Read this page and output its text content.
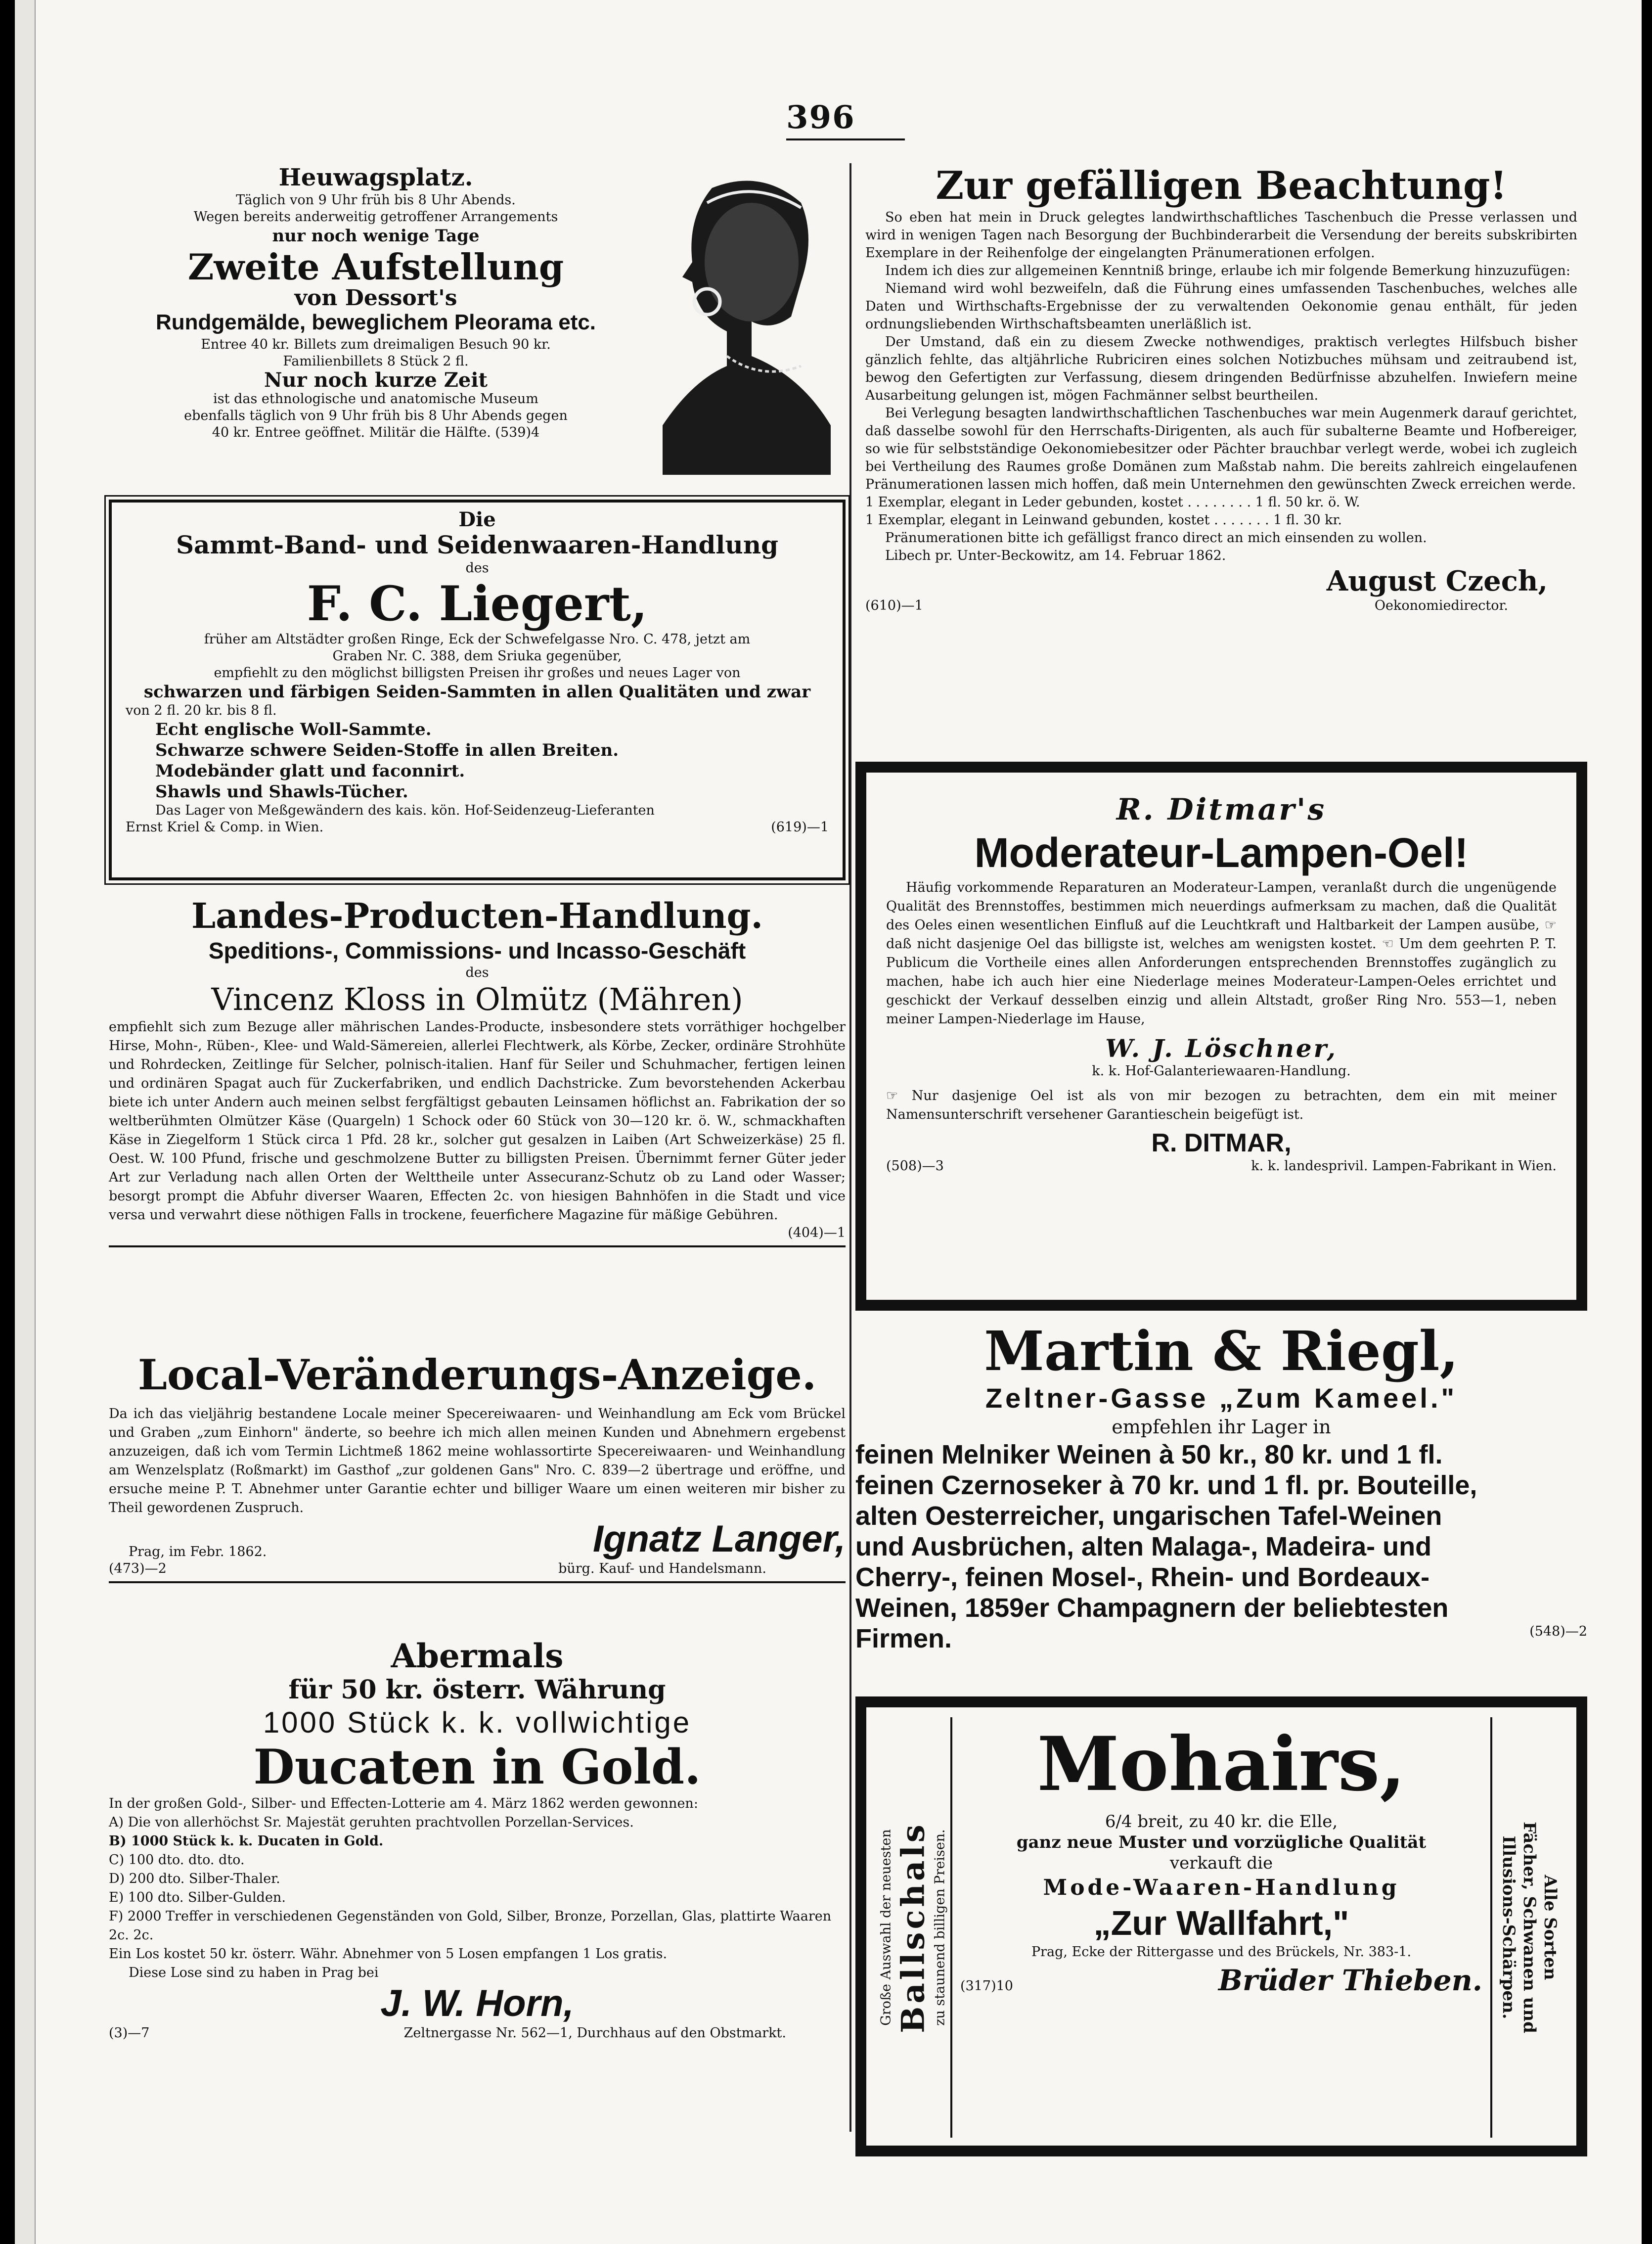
396
Heuwagsplatz.
Täglich von 9 Uhr früh bis 8 Uhr Abends.
Wegen bereits anderweitig getroffener Arrangements
nur noch wenige Tage
Zweite Aufstellung
von Dessort's
Rundgemälde, beweglichem Pleorama etc.
Entree 40 kr. Billets zum dreimaligen Besuch 90 kr.
Familienbillets 8 Stück 2 fl.
Nur noch kurze Zeit
ist das ethnologische und anatomische Museum
ebenfalls täglich von 9 Uhr früh bis 8 Uhr Abends gegen
40 kr. Entree geöffnet. Militär die Hälfte. (539)4
Die
Sammt-Band- und Seidenwaaren-Handlung
des
F. C. Liegert,
früher am Altstädter großen Ringe, Eck der Schwefelgasse Nro. C. 478, jetzt am
Graben Nr. C. 388, dem Sriuka gegenüber,
empfiehlt zu den möglichst billigsten Preisen ihr großes und neues Lager von
schwarzen und färbigen Seiden-Sammten in allen Qualitäten und zwar
von 2 fl. 20 kr. bis 8 fl.
Echt englische Woll-Sammte.
Schwarze schwere Seiden-Stoffe in allen Breiten.
Modebänder glatt und faconnirt.
Shawls und Shawls-Tücher.
Das Lager von Meßgewändern des kais. kön. Hof-Seidenzeug-Lieferanten
Ernst Kriel & Comp. in Wien.	(619)—1
Landes-Producten-Handlung.
Speditions-, Commissions- und Incasso-Geschäft
des
Vincenz Kloss in Olmütz (Mähren)
empfiehlt sich zum Bezuge aller mährischen Landes-Producte, insbesondere stets vorräthiger hochgelber Hirse, Mohn-, Rüben-, Klee- und Wald-Sämereien, allerlei Flechtwerk, als Körbe, Zecker, ordinäre Strohhüte und Rohrdecken, Zeitlinge für Selcher, polnisch-italien. Hanf für Seiler und Schuhmacher, fertigen leinen und ordinären Spagat auch für Zuckerfabriken, und endlich Dachstricke. Zum bevorstehenden Ackerbau biete ich unter Andern auch meinen selbst fergfältigst gebauten Leinsamen höflichst an. Fabrikation der so weltberühmten Olmützer Käse (Quargeln) 1 Schock oder 60 Stück von 30—120 kr. ö. W., schmackhaften Käse in Ziegelform 1 Stück circa 1 Pfd. 28 kr., solcher gut gesalzen in Laiben (Art Schweizerkäse) 25 fl. Oest. W. 100 Pfund, frische und geschmolzene Butter zu billigsten Preisen. Übernimmt ferner Güter jeder Art zur Verladung nach allen Orten der Welttheile unter Assecuranz-Schutz ob zu Land oder Wasser; besorgt prompt die Abfuhr diverser Waaren, Effecten 2c. von hiesigen Bahnhöfen in die Stadt und vice versa und verwahrt diese nöthigen Falls in trockene, feuerfichere Magazine für mäßige Gebühren.
(404)—1
Local-Veränderungs-Anzeige.
Da ich das vieljährig bestandene Locale meiner Specereiwaaren- und Weinhandlung am Eck vom Brückel und Graben „zum Einhorn" änderte, so beehre ich mich allen meinen Kunden und Abnehmern ergebenst anzuzeigen, daß ich vom Termin Lichtmeß 1862 meine wohlassortirte Specereiwaaren- und Weinhandlung am Wenzelsplatz (Roßmarkt) im Gasthof „zur goldenen Gans" Nro. C. 839—2 übertrage und eröffne, und ersuche meine P. T. Abnehmer unter Garantie echter und billiger Waare um einen weiteren mir bisher zu Theil gewordenen Zuspruch.
Prag, im Febr. 1862.	Ignatz Langer,
(473)—2	bürg. Kauf- und Handelsmann.
Abermals
für 50 kr. österr. Währung
1000 Stück k. k. vollwichtige
Ducaten in Gold.
In der großen Gold-, Silber- und Effecten-Lotterie am 4. März 1862 werden gewonnen:
A) Die von allerhöchst Sr. Majestät geruhten prachtvollen Porzellan-Services.
B) 1000 Stück k. k. Ducaten in Gold.
C) 100 dto. dto. dto.
D) 200 dto. Silber-Thaler.
E) 100 dto. Silber-Gulden.
F) 2000 Treffer in verschiedenen Gegenständen von Gold, Silber, Bronze, Porzellan, Glas, plattirte Waaren 2c. 2c.
Ein Los kostet 50 kr. österr. Währ. Abnehmer von 5 Losen empfangen 1 Los gratis.
Diese Lose sind zu haben in Prag bei
J. W. Horn,
(3)—7	Zeltnergasse Nr. 562—1, Durchhaus auf den Obstmarkt.
Zur gefälligen Beachtung!
So eben hat mein in Druck gelegtes landwirthschaftliches Taschenbuch die Presse verlassen und wird in wenigen Tagen nach Besorgung der Buchbinderarbeit die Versendung der bereits subskribirten Exemplare in der Reihenfolge der eingelangten Pränumerationen erfolgen.
Indem ich dies zur allgemeinen Kenntniß bringe, erlaube ich mir folgende Bemerkung hinzuzufügen:
Niemand wird wohl bezweifeln, daß die Führung eines umfassenden Taschenbuches, welches alle Daten und Wirthschafts-Ergebnisse der zu verwaltenden Oekonomie genau enthält, für jeden ordnungsliebenden Wirthschaftsbeamten unerläßlich ist.
Der Umstand, daß ein zu diesem Zwecke nothwendiges, praktisch verlegtes Hilfsbuch bisher gänzlich fehlte, das altjährliche Rubriciren eines solchen Notizbuches mühsam und zeitraubend ist, bewog den Gefertigten zur Verfassung, diesem dringenden Bedürfnisse abzuhelfen. Inwiefern meine Ausarbeitung gelungen ist, mögen Fachmänner selbst beurtheilen.
Bei Verlegung besagten landwirthschaftlichen Taschenbuches war mein Augenmerk darauf gerichtet, daß dasselbe sowohl für den Herrschafts-Dirigenten, als auch für subalterne Beamte und Hofbereiger, so wie für selbstständige Oekonomiebesitzer oder Pächter brauchbar verlegt werde, wobei ich zugleich bei Vertheilung des Raumes große Domänen zum Maßstab nahm. Die bereits zahlreich eingelaufenen Pränumerationen lassen mich hoffen, daß mein Unternehmen den gewünschten Zweck erreichen werde.
1 Exemplar, elegant in Leder gebunden, kostet . . . . . . . . 1 fl. 50 kr. ö. W.
1 Exemplar, elegant in Leinwand gebunden, kostet . . . . . . . 1 fl. 30 kr.
Pränumerationen bitte ich gefälligst franco direct an mich einsenden zu wollen.
Libech pr. Unter-Beckowitz, am 14. Februar 1862.
August Czech,
(610)—1	Oekonomiedirector.
R. Ditmar's
Moderateur-Lampen-Oel!
Häufig vorkommende Reparaturen an Moderateur-Lampen, veranlaßt durch die ungenügende Qualität des Brennstoffes, bestimmen mich neuerdings aufmerksam zu machen, daß die Qualität des Oeles einen wesentlichen Einfluß auf die Leuchtkraft und Haltbarkeit der Lampen ausübe, ☞ daß nicht dasjenige Oel das billigste ist, welches am wenigsten kostet. ☜ Um dem geehrten P. T. Publicum die Vortheile eines allen Anforderungen entsprechenden Brennstoffes zugänglich zu machen, habe ich auch hier eine Niederlage meines Moderateur-Lampen-Oeles errichtet und geschickt der Verkauf desselben einzig und allein Altstadt, großer Ring Nro. 553—1, neben meiner Lampen-Niederlage im Hause,
W. J. Löschner,
k. k. Hof-Galanteriewaaren-Handlung.
☞ Nur dasjenige Oel ist als von mir bezogen zu betrachten, dem ein mit meiner Namensunterschrift versehener Garantieschein beigefügt ist.
R. DITMAR,
(508)—3	k. k. landesprivil. Lampen-Fabrikant in Wien.
Martin & Riegl,
Zeltner-Gasse „Zum Kameel."
empfehlen ihr Lager in
feinen Melniker Weinen à 50 kr., 80 kr. und 1 fl.
feinen Czernoseker à 70 kr. und 1 fl. pr. Bouteille,
alten Oesterreicher, ungarischen Tafel-Weinen
und Ausbrüchen, alten Malaga-, Madeira- und
Cherry-, feinen Mosel-, Rhein- und Bordeaux-
Weinen, 1859er Champagnern der beliebtesten
Firmen.	(548)—2
Große Auswahl der neuesten Ballschals zu staunend billigen Preisen.	Alle Sorten
Fächer, Schwanen und
Illusions-Schärpen.
Mohairs,
6/4 breit, zu 40 kr. die Elle,
ganz neue Muster und vorzügliche Qualität
verkauft die
Mode-Waaren-Handlung
„Zur Wallfahrt,"
Prag, Ecke der Rittergasse und des Brückels, Nr. 383-1.
(317)10	Brüder Thieben.
